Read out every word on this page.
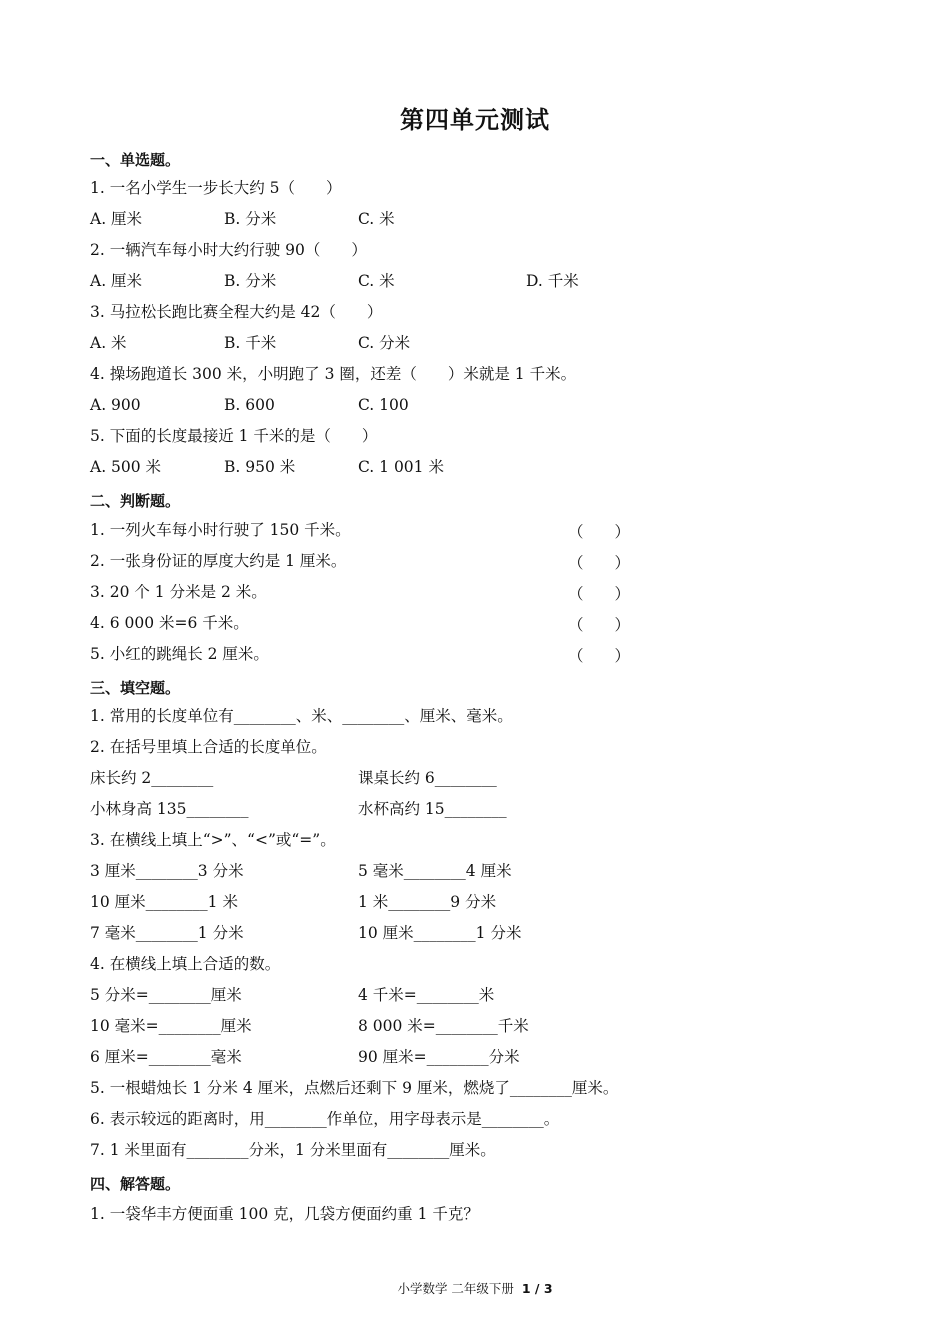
第四单元测试
一、单选题。
1. 一名小学生一步长大约 5（　　）
A. 厘米	B. 分米	C. 米
2. 一辆汽车每小时大约行驶 90（　　）
A. 厘米	B. 分米	C. 米	D. 千米
3. 马拉松长跑比赛全程大约是 42（　　）
A. 米	B. 千米	C. 分米
4. 操场跑道长 300 米，小明跑了 3 圈，还差（　　）米就是 1 千米。
A. 900	B. 600	C. 100
5. 下面的长度最接近 1 千米的是（　　）
A. 500 米	B. 950 米	C. 1 001 米
二、判断题。
1. 一列火车每小时行驶了 150 千米。	（　　）
2. 一张身份证的厚度大约是 1 厘米。	（　　）
3. 20 个 1 分米是 2 米。	（　　）
4. 6 000 米=6 千米。	（　　）
5. 小红的跳绳长 2 厘米。	（　　）
三、填空题。
1. 常用的长度单位有________、米、________、厘米、毫米。
2. 在括号里填上合适的长度单位。
床长约 2________	课桌长约 6________
小林身高 135________	水杯高约 15________
3. 在横线上填上“>”、“<”或“=”。
3 厘米________3 分米	5 毫米________4 厘米
10 厘米________1 米	1 米________9 分米
7 毫米________1 分米	10 厘米________1 分米
4. 在横线上填上合适的数。
5 分米=________厘米	4 千米=________米
10 毫米=________厘米	8 000 米=________千米
6 厘米=________毫米	90 厘米=________分米
5. 一根蜡烛长 1 分米 4 厘米，点燃后还剩下 9 厘米，燃烧了________厘米。
6. 表示较远的距离时，用________作单位，用字母表示是________。
7. 1 米里面有________分米，1 分米里面有________厘米。
四、解答题。
1. 一袋华丰方便面重 100 克，几袋方便面约重 1 千克？
小学数学 二年级下册 1 / 3
